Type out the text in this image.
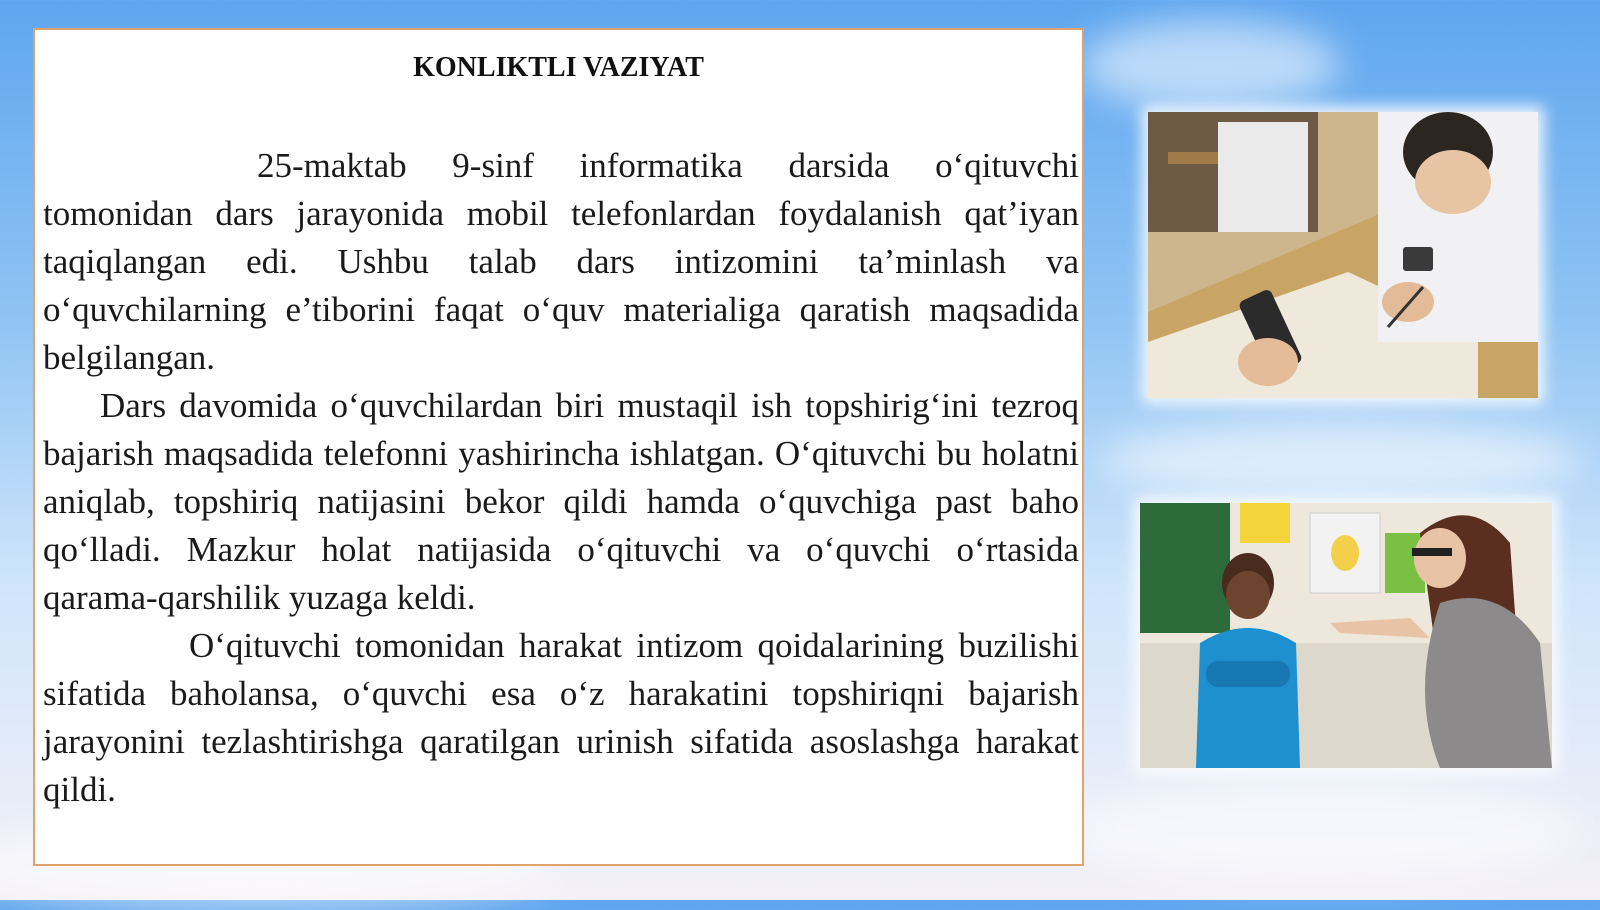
KONLIKTLI VAZIYAT

25-maktab 9-sinf informatika darsida o‘qituvchi tomonidan dars jarayonida mobil telefonlardan foydalanish qat’iyan taqiqlangan edi. Ushbu talab dars intizomini ta’minlash va o‘quvchilarning e’tiborini faqat o‘quv materialiga qaratish maqsadida belgilangan.

Dars davomida o‘quvchilardan biri mustaqil ish topshirig‘ini tezroq bajarish maqsadida telefonni yashirincha ishlatgan. O‘qituvchi bu holatni aniqlab, topshiriq natijasini bekor qildi hamda o‘quvchiga past baho qo‘lladi. Mazkur holat natijasida o‘qituvchi va o‘quvchi o‘rtasida qarama-qarshilik yuzaga keldi.

O‘qituvchi tomonidan harakat intizom qoidalarining buzilishi sifatida baholansa, o‘quvchi esa o‘z harakatini topshiriqni bajarish jarayonini tezlashtirishga qaratilgan urinish sifatida asoslashga harakat qildi.
